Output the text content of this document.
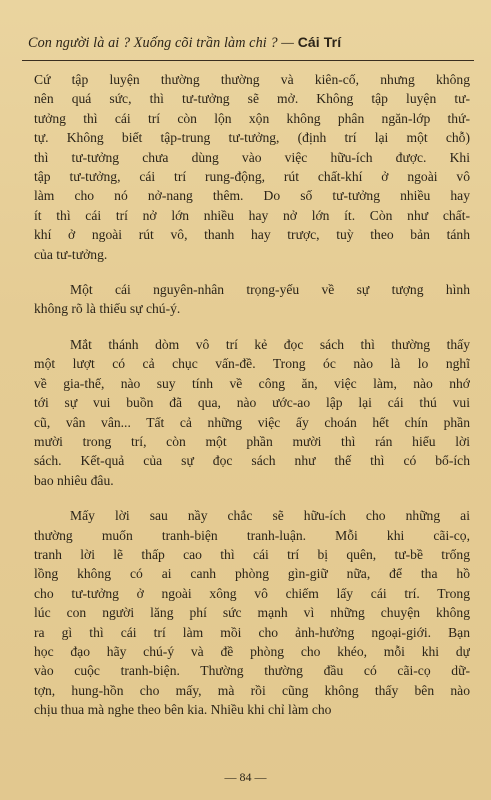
Con người là ai ? Xuống cõi trần làm chi ? — Cái Trí
Cứ tập luyện thường thường và kiên-cố, nhưng không
nên quá sức, thì tư-tưởng sẽ mở. Không tập luyện tư-
tưởng thì cái trí còn lộn xộn không phân ngăn-lớp thứ-
tự. Không biết tập-trung tư-tưởng, (định trí lại một chỗ)
thì tư-tưởng chưa dùng vào việc hữu-ích được. Khi
tập tư-tưởng, cái trí rung-động, rút chất-khí ở ngoài vô
làm cho nó nở-nang thêm. Do số tư-tưởng nhiều hay
ít thì cái trí nở lớn nhiều hay nở lớn ít. Còn như chất-
khí ở ngoài rút vô, thanh hay trược, tuỳ theo bản tánh
của tư-tưởng.
Một cái nguyên-nhân trọng-yếu về sự tượng hình
không rõ là thiếu sự chú-ý.
Mắt thánh dòm vô trí kẻ đọc sách thì thường thấy
một lượt có cả chục vấn-đề. Trong óc nào là lo nghĩ
về gia-thế, nào suy tính về công ăn, việc làm, nào nhớ
tới sự vui buồn đã qua, nào ước-ao lập lại cái thú vui
cũ, vân vân... Tất cả những việc ấy choán hết chín phần
mười trong trí, còn một phần mười thì rán hiểu lời
sách. Kết-quả của sự đọc sách như thế thì có bổ-ích
bao nhiêu đâu.
Mấy lời sau nầy chắc sẽ hữu-ích cho những ai
thường muốn tranh-biện tranh-luận. Mỗi khi cãi-cọ,
tranh lời lẽ thấp cao thì cái trí bị quên, tư-bề trống
lồng không có ai canh phòng gìn-giữ nữa, để tha hồ
cho tư-tưởng ở ngoài xông vô chiếm lấy cái trí. Trong
lúc con người lăng phí sức mạnh vì những chuyện không
ra gì thì cái trí làm mồi cho ảnh-hưởng ngoại-giới. Bạn
học đạo hãy chú-ý và đề phòng cho khéo, mỗi khi dự
vào cuộc tranh-biện. Thường thường đầu có cãi-cọ dữ-
tợn, hung-hồn cho mấy, mà rồi cũng không thấy bên nào
chịu thua mà nghe theo bên kia. Nhiều khi chỉ làm cho
— 84 —
